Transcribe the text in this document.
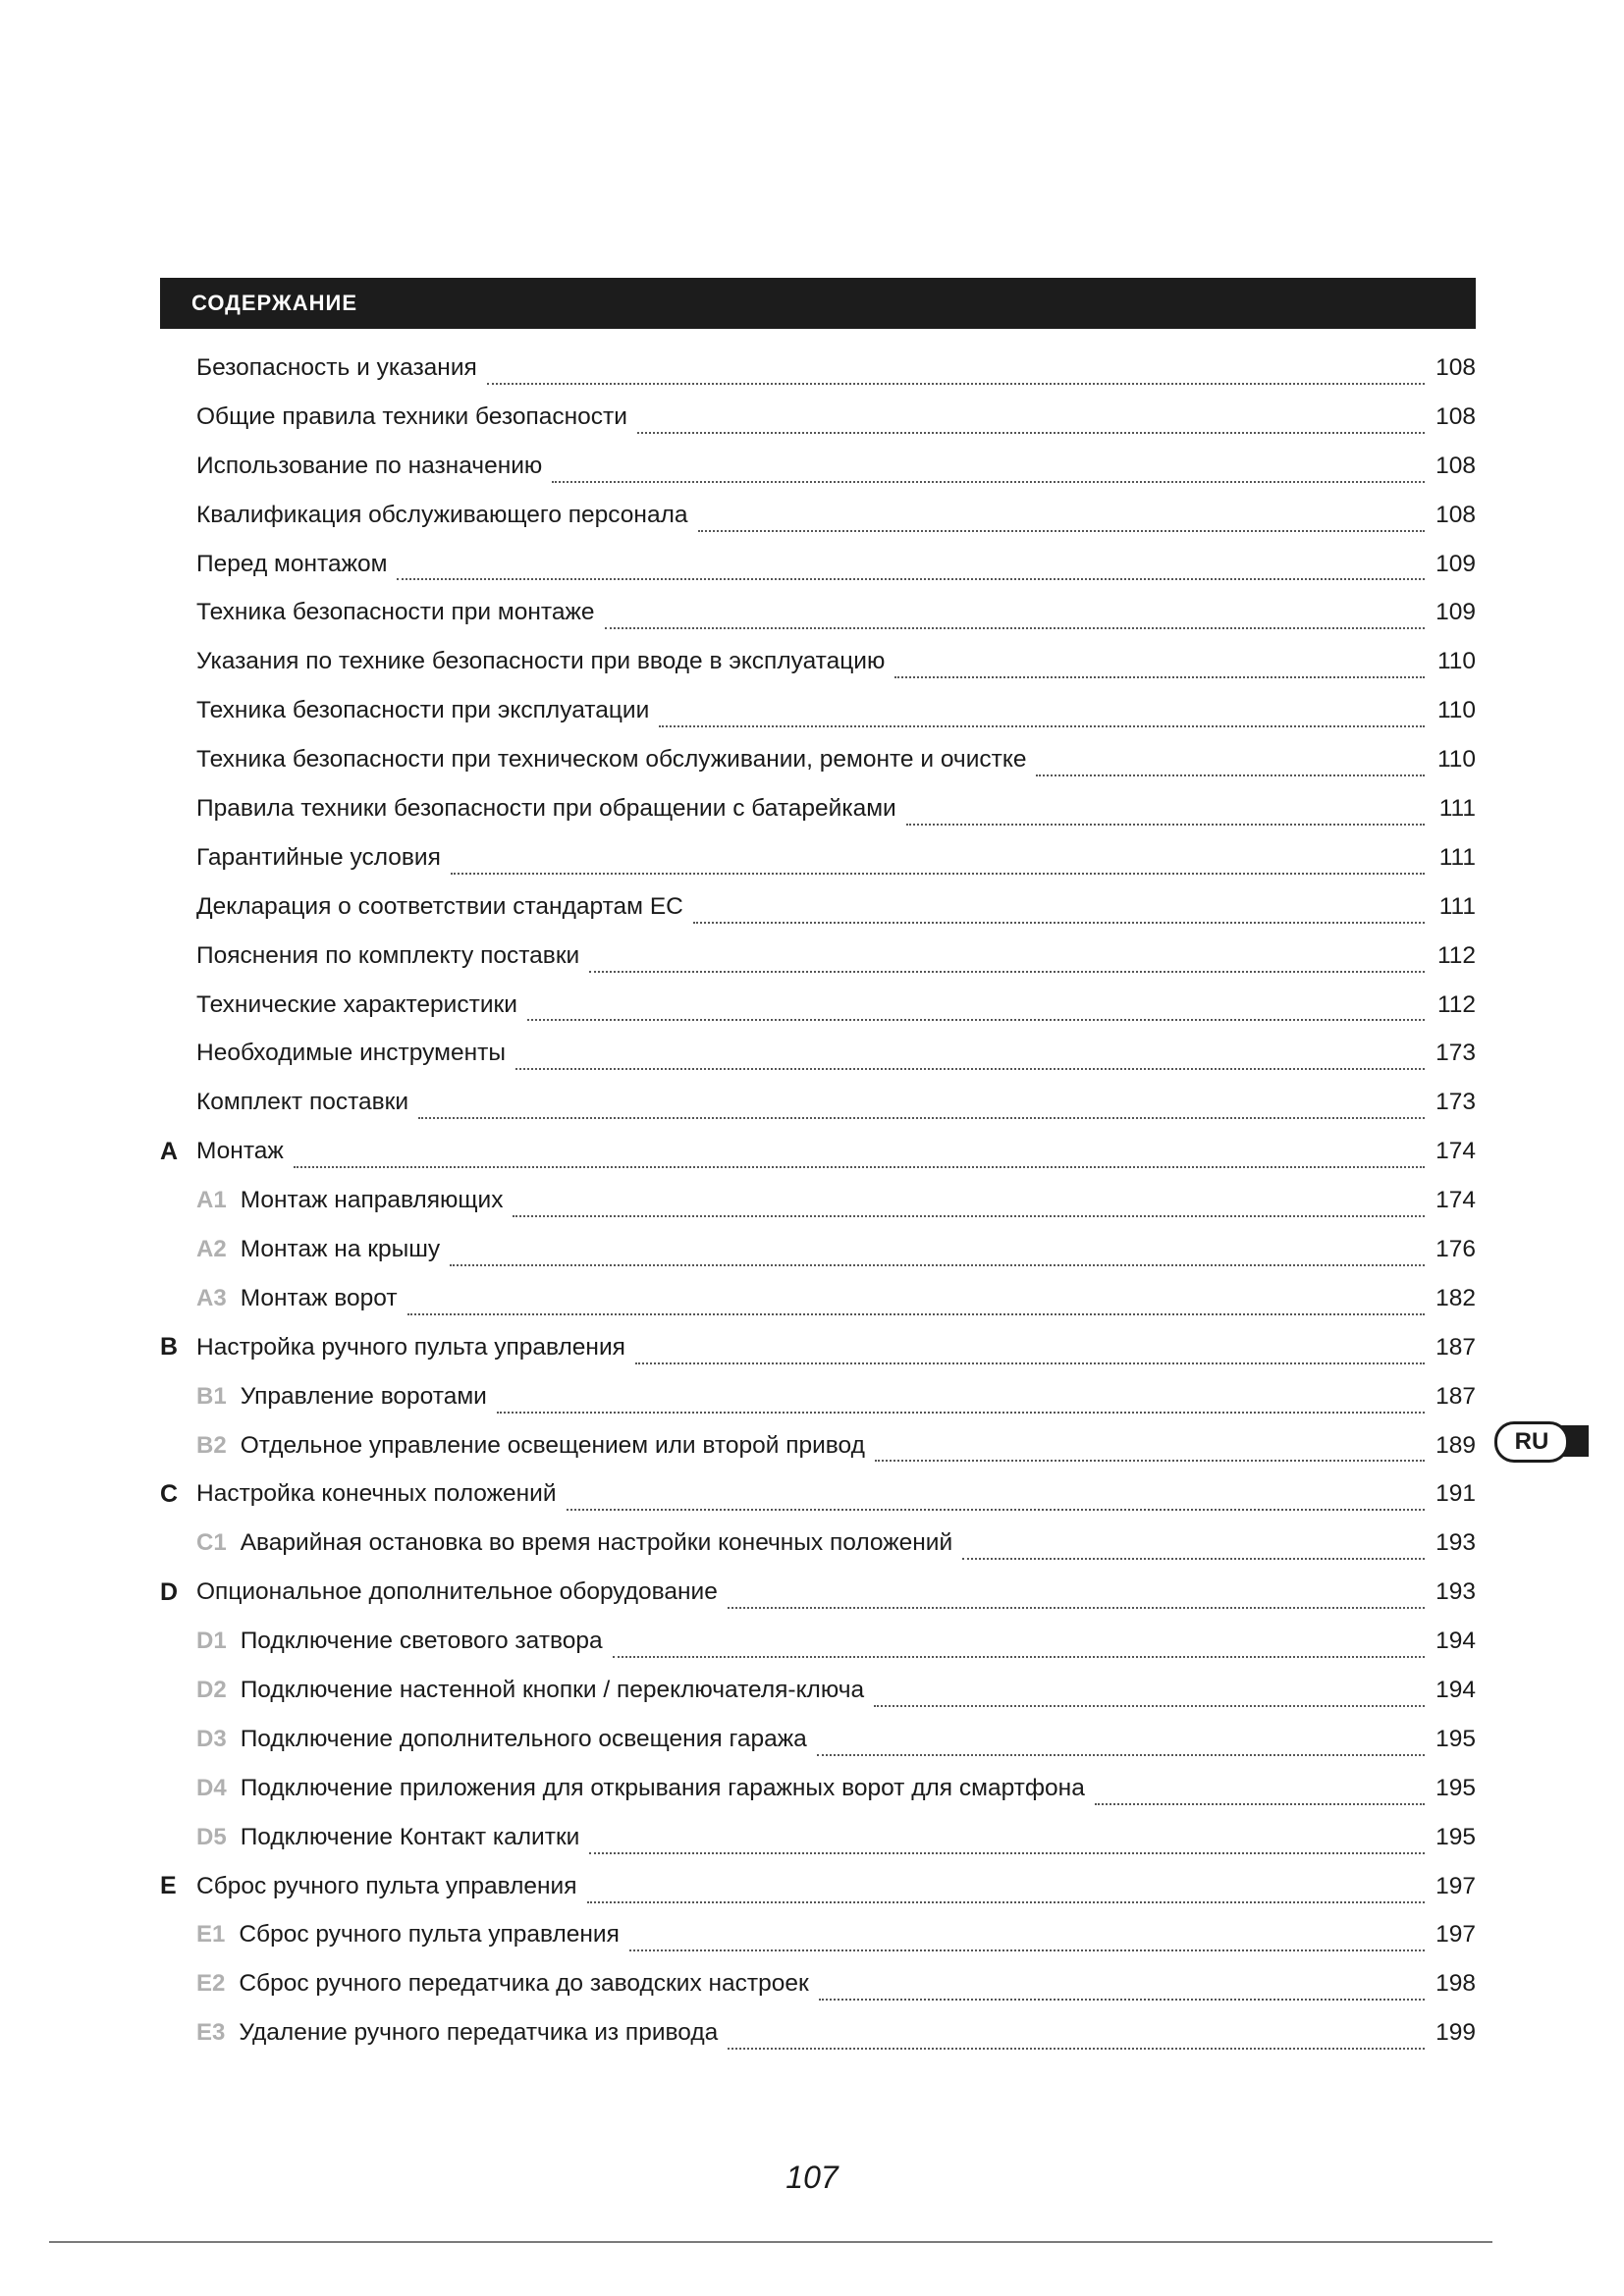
СОДЕРЖАНИЕ
Безопасность и указания	108
Общие правила техники безопасности	108
Использование по назначению	108
Квалификация обслуживающего персонала	108
Перед монтажом	109
Техника безопасности при монтаже	109
Указания по технике безопасности при вводе в эксплуатацию	110
Техника безопасности при эксплуатации	110
Техника безопасности при техническом обслуживании, ремонте и очистке	110
Правила техники безопасности при обращении с батарейками	111
Гарантийные условия	111
Декларация о соответствии стандартам ЕС	111
Пояснения по комплекту поставки	112
Технические характеристики	112
Необходимые инструменты	173
Комплект поставки	173
A Монтаж	174
A1 Монтаж направляющих	174
A2 Монтаж на крышу	176
A3 Монтаж ворот	182
B Настройка ручного пульта управления	187
B1 Управление воротами	187
B2 Отдельное управление освещением или второй привод	189
C Настройка конечных положений	191
C1 Аварийная остановка во время настройки конечных положений	193
D Опциональное дополнительное оборудование	193
D1 Подключение светового затвора	194
D2 Подключение настенной кнопки / переключателя-ключа	194
D3 Подключение дополнительного освещения гаража	195
D4 Подключение приложения для открывания гаражных ворот для смартфона	195
D5 Подключение Контакт калитки	195
E Сброс ручного пульта управления	197
E1 Сброс ручного пульта управления	197
E2 Сброс ручного передатчика до заводских настроек	198
E3 Удаление ручного передатчика из привода	199
RU
107
